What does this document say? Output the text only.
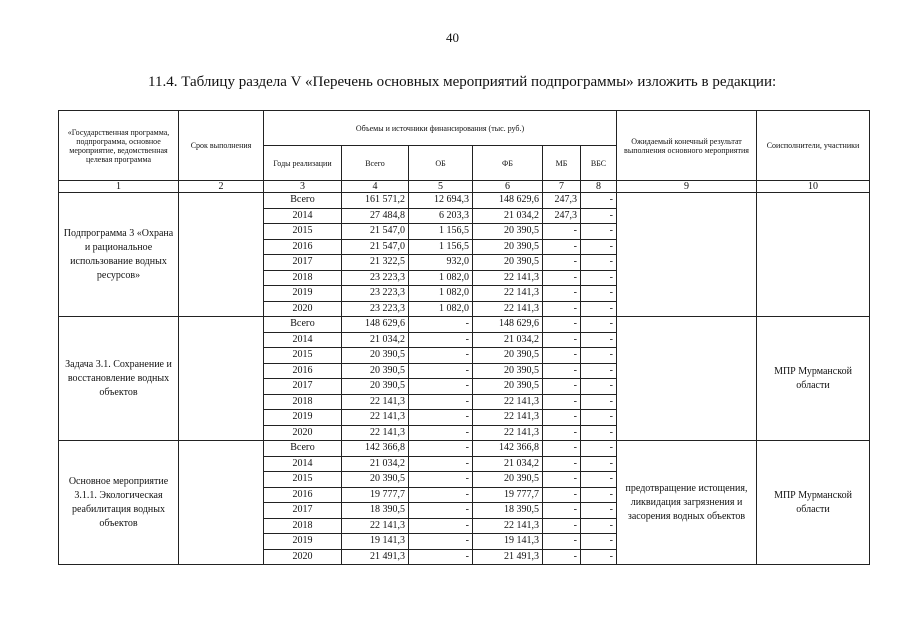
40
11.4. Таблицу раздела V «Перечень основных мероприятий подпрограммы» изложить в редакции:
«Государственная программа, подпрограмма, основное мероприятие, ведомственная целевая программа	Срок выполнения	Объемы и источники финансирования (тыс. руб.)						Ожидаемый конечный результат выполнения основного мероприятия	Соисполнители, участники
		Годы реализации	Всего	ОБ	ФБ	МБ	ВБС		
1	2	3	4	5	6	7	8	9	10
Подпрограмма 3 «Охрана и рациональное использование водных ресурсов»		Всего	161 571,2	12 694,3	148 629,6	247,3	-		
		2014	27 484,8	6 203,3	21 034,2	247,3	-		
		2015	21 547,0	1 156,5	20 390,5	-	-		
		2016	21 547,0	1 156,5	20 390,5	-	-		
		2017	21 322,5	932,0	20 390,5	-	-		
		2018	23 223,3	1 082,0	22 141,3	-	-		
		2019	23 223,3	1 082,0	22 141,3	-	-		
		2020	23 223,3	1 082,0	22 141,3	-	-		
Задача 3.1. Сохранение и восстановление водных объектов		Всего	148 629,6	-	148 629,6	-	-		МПР Мурманской области
		2014	21 034,2	-	21 034,2	-	-		
		2015	20 390,5	-	20 390,5	-	-		
		2016	20 390,5	-	20 390,5	-	-		
		2017	20 390,5	-	20 390,5	-	-		
		2018	22 141,3	-	22 141,3	-	-		
		2019	22 141,3	-	22 141,3	-	-		
		2020	22 141,3	-	22 141,3	-	-		
Основное мероприятие 3.1.1. Экологическая реабилитация водных объектов		Всего	142 366,8	-	142 366,8	-	-	предотвращение истощения, ликвидация загрязнения и засорения водных объектов	МПР Мурманской области
		2014	21 034,2	-	21 034,2	-	-		
		2015	20 390,5	-	20 390,5	-	-		
		2016	19 777,7	-	19 777,7	-	-		
		2017	18 390,5	-	18 390,5	-	-		
		2018	22 141,3	-	22 141,3	-	-		
		2019	19 141,3	-	19 141,3	-	-		
		2020	21 491,3	-	21 491,3	-	-		
